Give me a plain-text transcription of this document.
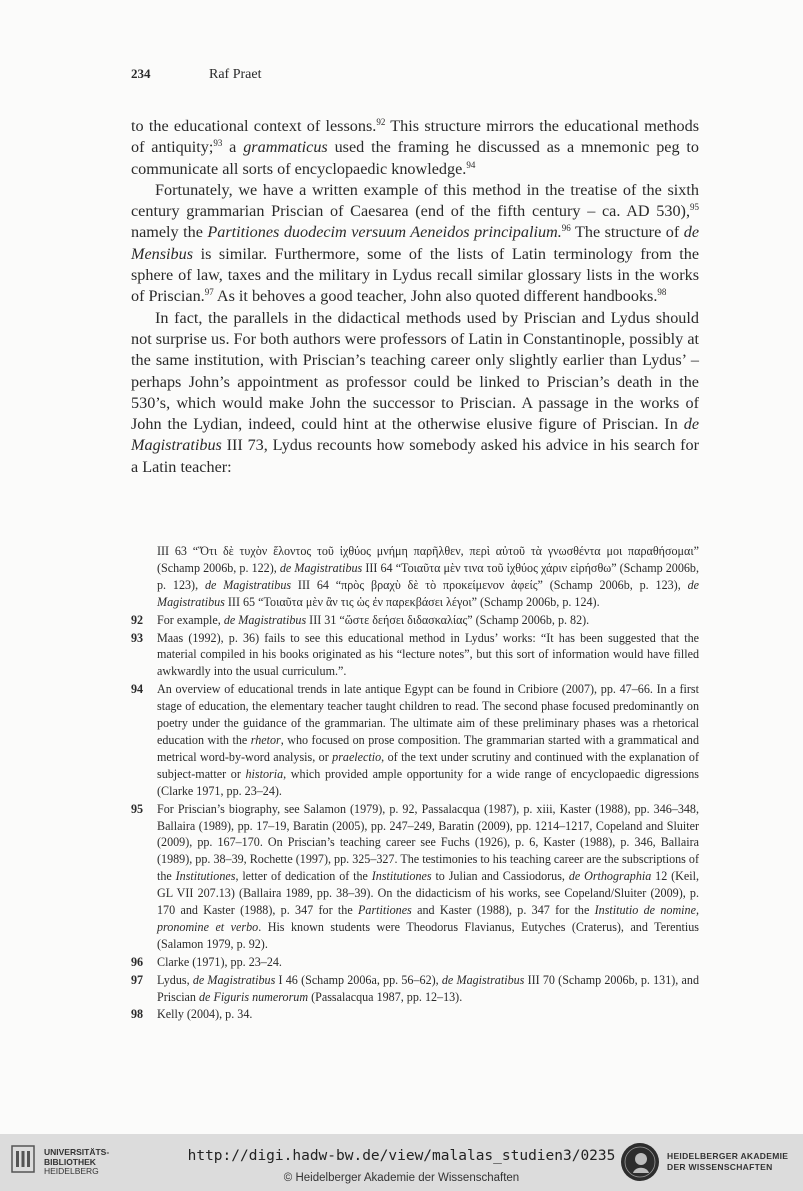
234	Raf Praet

to the educational context of lessons.$^{92}$ This structure mirrors the educational methods of antiquity;$^{93}$ a grammaticus used the framing he discussed as a mnemonic peg to communicate all sorts of encyclopaedic knowledge.$^{94}$

Fortunately, we have a written example of this method in the treatise of the sixth century grammarian Priscian of Caesarea (end of the fifth century – ca. AD 530),$^{95}$ namely the Partitiones duodecim versuum Aeneidos principalium.$^{96}$ The structure of de Mensibus is similar. Furthermore, some of the lists of Latin terminology from the sphere of law, taxes and the military in Lydus recall similar glossary lists in the works of Priscian.$^{97}$ As it behoves a good teacher, John also quoted different handbooks.$^{98}$

In fact, the parallels in the didactical methods used by Priscian and Lydus should not surprise us. For both authors were professors of Latin in Constantinople, possibly at the same institution, with Priscian’s teaching career only slightly earlier than Lydus’ – perhaps John’s appointment as professor could be linked to Priscian’s death in the 530’s, which would make John the successor to Priscian. A passage in the works of John the Lydian, indeed, could hint at the otherwise elusive figure of Priscian. In de Magistratibus III 73, Lydus recounts how somebody asked his advice in his search for a Latin teacher:

III 63 “Ὅτι δὲ τυχὸν ἕλοντος τοῦ ἰχθύος μνήμη παρῆλθεν, περὶ αὐτοῦ τὰ γνωσθέντα μοι παραθήσομαι” (Schamp 2006b, p. 122), de Magistratibus III 64 “Τοιαῦτα μὲν τινα τοῦ ἰχθύος χάριν εἰρήσθω” (Schamp 2006b, p. 123), de Magistratibus III 64 “πρὸς βραχὺ δὲ τὸ προκείμενον ἀφείς” (Schamp 2006b, p. 123), de Magistratibus III 65 “Τοιαῦτα μὲν ἂν τις ὡς ἐν παρεκβάσει λέγοι” (Schamp 2006b, p. 124).
92 For example, de Magistratibus III 31 “ὥστε δεήσει διδασκαλίας” (Schamp 2006b, p. 82).
93 Maas (1992), p. 36) fails to see this educational method in Lydus’ works: “It has been suggested that the material compiled in his books originated as his “lecture notes”, but this sort of information would have filled awkwardly into the usual curriculum.”.
94 An overview of educational trends in late antique Egypt can be found in Cribiore (2007), pp. 47–66. In a first stage of education, the elementary teacher taught children to read. The second phase focused predominantly on poetry under the guidance of the grammarian. The ultimate aim of these preliminary phases was a rhetorical education with the rhetor, who focused on prose composition. The grammarian started with a grammatical and metrical word-by-word analysis, or praelectio, of the text under scrutiny and continued with the explanation of subject-matter or historia, which provided ample opportunity for a wide range of encyclopaedic digressions (Clarke 1971, pp. 23–24).
95 For Priscian’s biography, see Salamon (1979), p. 92, Passalacqua (1987), p. xiii, Kaster (1988), pp. 346–348, Ballaira (1989), pp. 17–19, Baratin (2005), pp. 247–249, Baratin (2009), pp. 1214–1217, Copeland and Sluiter (2009), pp. 167–170. On Priscian’s teaching career see Fuchs (1926), p. 6, Kaster (1988), p. 346, Ballaira (1989), pp. 38–39, Rochette (1997), pp. 325–327. The testimonies to his teaching career are the subscriptions of the Institutiones, letter of dedication of the Institutiones to Julian and Cassiodorus, de Orthographia 12 (Keil, GL VII 207.13) (Ballaira 1989, pp. 38–39). On the didacticism of his works, see Copeland/Sluiter (2009), p. 170 and Kaster (1988), p. 347 for the Partitiones and Kaster (1988), p. 347 for the Institutio de nomine, pronomine et verbo. His known students were Theodorus Flavianus, Eutyches (Craterus), and Terentius (Salamon 1979, p. 92).
96 Clarke (1971), pp. 23–24.
97 Lydus, de Magistratibus I 46 (Schamp 2006a, pp. 56–62), de Magistratibus III 70 (Schamp 2006b, p. 131), and Priscian de Figuris numerorum (Passalacqua 1987, pp. 12–13).
98 Kelly (2004), p. 34.
UNIVERSITÄTS-
BIBLIOTHEK
HEIDELBERG
http://digi.hadw-bw.de/view/malalas_studien3/0235
© Heidelberger Akademie der Wissenschaften
HEIDELBERGER AKADEMIE
DER WISSENSCHAFTEN
